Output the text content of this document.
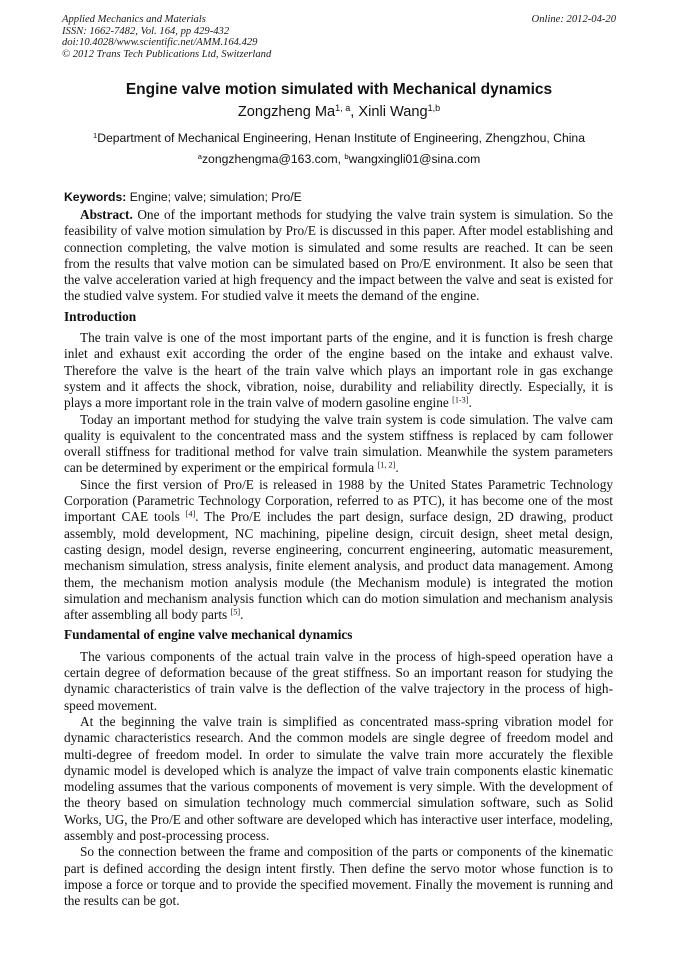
Applied Mechanics and Materials
ISSN: 1662-7482, Vol. 164, pp 429-432
doi:10.4028/www.scientific.net/AMM.164.429
© 2012 Trans Tech Publications Ltd, Switzerland
Online: 2012-04-20
Engine valve motion simulated with Mechanical dynamics
Zongzheng Ma$^{1, a}$, Xinli Wang$^{1,b}$
$^1$Department of Mechanical Engineering, Henan Institute of Engineering, Zhengzhou, China
$^a$zongzhengma@163.com, $^b$wangxingli01@sina.com
Keywords: Engine; valve; simulation; Pro/E

Abstract. One of the important methods for studying the valve train system is simulation. So the feasibility of valve motion simulation by Pro/E is discussed in this paper. After model establishing and connection completing, the valve motion is simulated and some results are reached. It can be seen from the results that valve motion can be simulated based on Pro/E environment. It also be seen that the valve acceleration varied at high frequency and the impact between the valve and seat is existed for the studied valve system. For studied valve it meets the demand of the engine.

Introduction

The train valve is one of the most important parts of the engine, and it is function is fresh charge inlet and exhaust exit according the order of the engine based on the intake and exhaust valve. Therefore the valve is the heart of the train valve which plays an important role in gas exchange system and it affects the shock, vibration, noise, durability and reliability directly. Especially, it is plays a more important role in the train valve of modern gasoline engine [1-3].

Today an important method for studying the valve train system is code simulation. The valve cam quality is equivalent to the concentrated mass and the system stiffness is replaced by cam follower overall stiffness for traditional method for valve train simulation. Meanwhile the system parameters can be determined by experiment or the empirical formula [1, 2].

Since the first version of Pro/E is released in 1988 by the United States Parametric Technology Corporation (Parametric Technology Corporation, referred to as PTC), it has become one of the most important CAE tools [4]. The Pro/E includes the part design, surface design, 2D drawing, product assembly, mold development, NC machining, pipeline design, circuit design, sheet metal design, casting design, model design, reverse engineering, concurrent engineering, automatic measurement, mechanism simulation, stress analysis, finite element analysis, and product data management. Among them, the mechanism motion analysis module (the Mechanism module) is integrated the motion simulation and mechanism analysis function which can do motion simulation and mechanism analysis after assembling all body parts [5].

Fundamental of engine valve mechanical dynamics

The various components of the actual train valve in the process of high-speed operation have a certain degree of deformation because of the great stiffness. So an important reason for studying the dynamic characteristics of train valve is the deflection of the valve trajectory in the process of high-speed movement.

At the beginning the valve train is simplified as concentrated mass-spring vibration model for dynamic characteristics research. And the common models are single degree of freedom model and multi-degree of freedom model. In order to simulate the valve train more accurately the flexible dynamic model is developed which is analyze the impact of valve train components elastic kinematic modeling assumes that the various components of movement is very simple. With the development of the theory based on simulation technology much commercial simulation software, such as Solid Works, UG, the Pro/E and other software are developed which has interactive user interface, modeling, assembly and post-processing process.

So the connection between the frame and composition of the parts or components of the kinematic part is defined according the design intent firstly. Then define the servo motor whose function is to impose a force or torque and to provide the specified movement. Finally the movement is running and the results can be got.
